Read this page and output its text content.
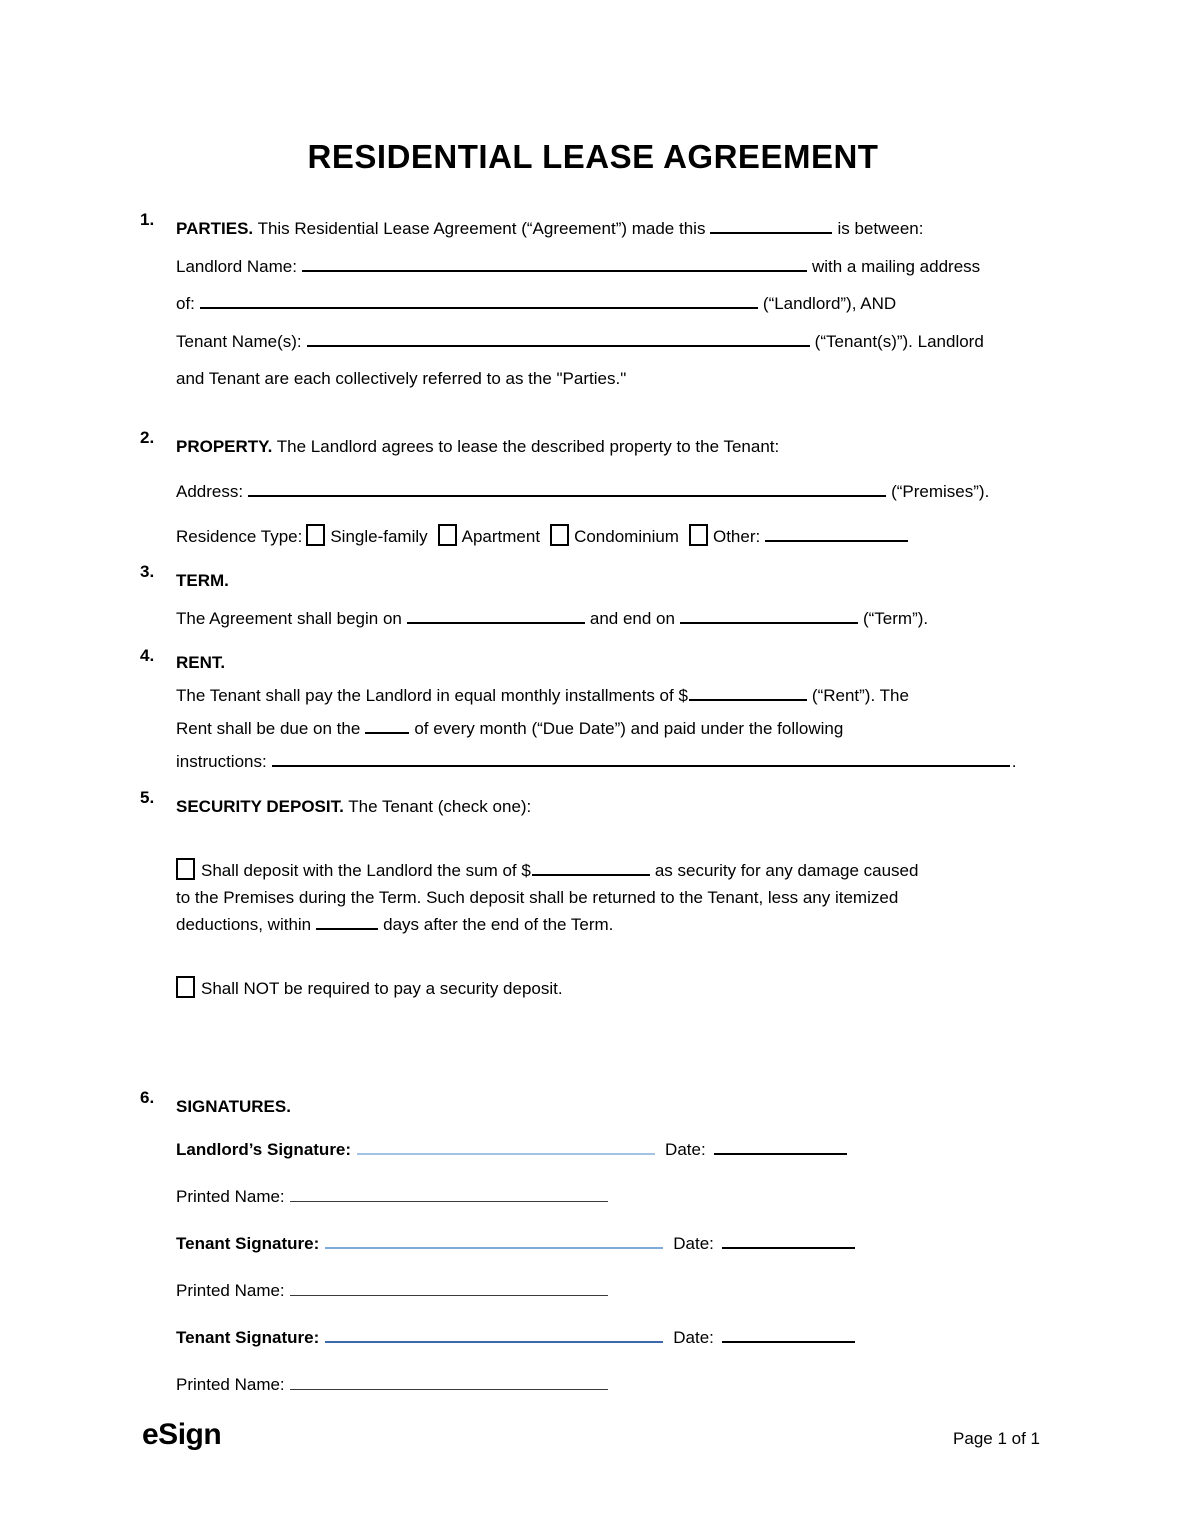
RESIDENTIAL LEASE AGREEMENT
1.	PARTIES. This Residential Lease Agreement (“Agreement”) made this	is between:

Landlord Name:	with a mailing address

of:	(“Landlord”), AND

Tenant Name(s):	(“Tenant(s)”). Landlord

and Tenant are each collectively referred to as the "Parties."

2.	PROPERTY. The Landlord agrees to lease the described property to the Tenant:

Address:	(“Premises”).

Residence Type: Single-family Apartment Condominium Other:

3.	TERM.

The Agreement shall begin on	and end on	(“Term”).

4.	RENT.

The Tenant shall pay the Landlord in equal monthly installments of $	(“Rent”). The

Rent shall be due on the	of every month (“Due Date”) and paid under the following

instructions:	.

5.	SECURITY DEPOSIT. The Tenant (check one):

Shall deposit with the Landlord the sum of $	as security for any damage caused

to the Premises during the Term. Such deposit shall be returned to the Tenant, less any itemized

deductions, within	days after the end of the Term.

Shall NOT be required to pay a security deposit.

6.	SIGNATURES.

Landlord’s Signature:	Date:

Printed Name:

Tenant Signature:	Date:

Printed Name:

Tenant Signature:	Date:

Printed Name:

eSign	Page 1 of 1
